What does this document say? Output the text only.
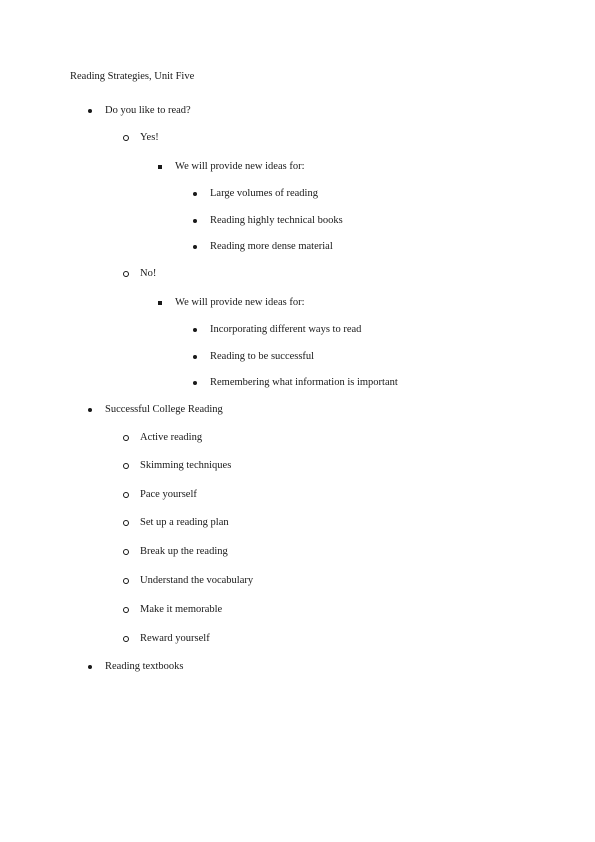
Reading Strategies, Unit Five
Do you like to read?
Yes!
We will provide new ideas for:
Large volumes of reading
Reading highly technical books
Reading more dense material
No!
We will provide new ideas for:
Incorporating different ways to read
Reading to be successful
Remembering what information is important
Successful College Reading
Active reading
Skimming techniques
Pace yourself
Set up a reading plan
Break up the reading
Understand the vocabulary
Make it memorable
Reward yourself
Reading textbooks
